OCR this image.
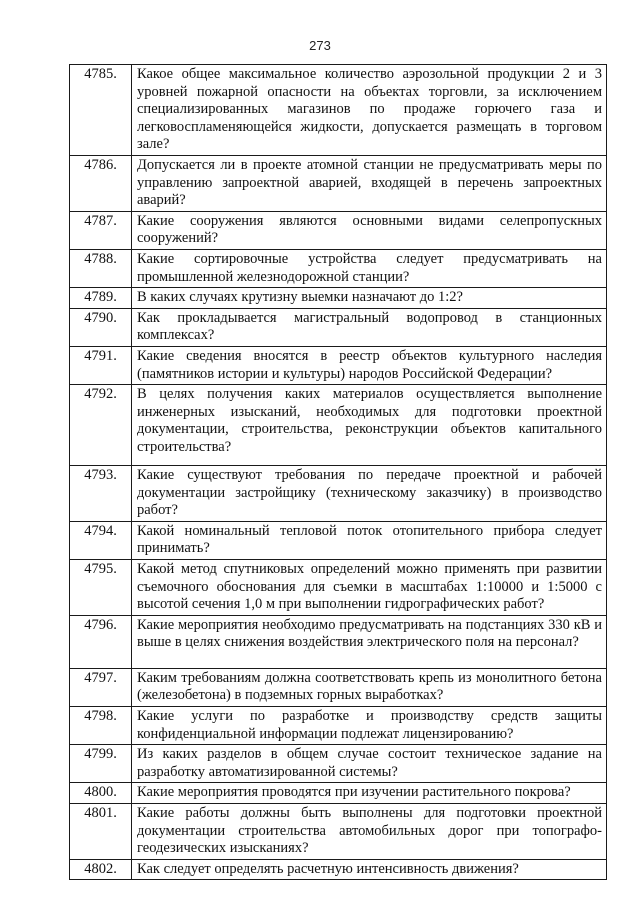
273
4785.	Какое общее максимальное количество аэрозольной продукции 2 и 3 уровней пожарной опасности на объектах торговли, за исключением специализированных магазинов по продаже горючего газа и легковоспламеняющейся жидкости, допускается размещать в торговом зале?
4786.	Допускается ли в проекте атомной станции не предусматривать меры по управлению запроектной аварией, входящей в перечень запроектных аварий?
4787.	Какие сооружения являются основными видами селепропускных сооружений?
4788.	Какие сортировочные устройства следует предусматривать на промышленной железнодорожной станции?
4789.	В каких случаях крутизну выемки назначают до 1:2?
4790.	Как прокладывается магистральный водопровод в станционных комплексах?
4791.	Какие сведения вносятся в реестр объектов культурного наследия (памятников истории и культуры) народов Российской Федерации?
4792.	В целях получения каких материалов осуществляется выполнение инженерных изысканий, необходимых для подготовки проектной документации, строительства, реконструкции объектов капитального строительства?
4793.	Какие существуют требования по передаче проектной и рабочей документации застройщику (техническому заказчику) в производство работ?
4794.	Какой номинальный тепловой поток отопительного прибора следует принимать?
4795.	Какой метод спутниковых определений можно применять при развитии съемочного обоснования для съемки в масштабах 1:10000 и 1:5000 с высотой сечения 1,0 м при выполнении гидрографических работ?
4796.	Какие мероприятия необходимо предусматривать на подстанциях 330 кВ и выше в целях снижения воздействия электрического поля на персонал?
4797.	Каким требованиям должна соответствовать крепь из монолитного бетона (железобетона) в подземных горных выработках?
4798.	Какие услуги по разработке и производству средств защиты конфиденциальной информации подлежат лицензированию?
4799.	Из каких разделов в общем случае состоит техническое задание на разработку автоматизированной системы?
4800.	Какие мероприятия проводятся при изучении растительного покрова?
4801.	Какие работы должны быть выполнены для подготовки проектной документации строительства автомобильных дорог при топографо-геодезических изысканиях?
4802.	Как следует определять расчетную интенсивность движения?
